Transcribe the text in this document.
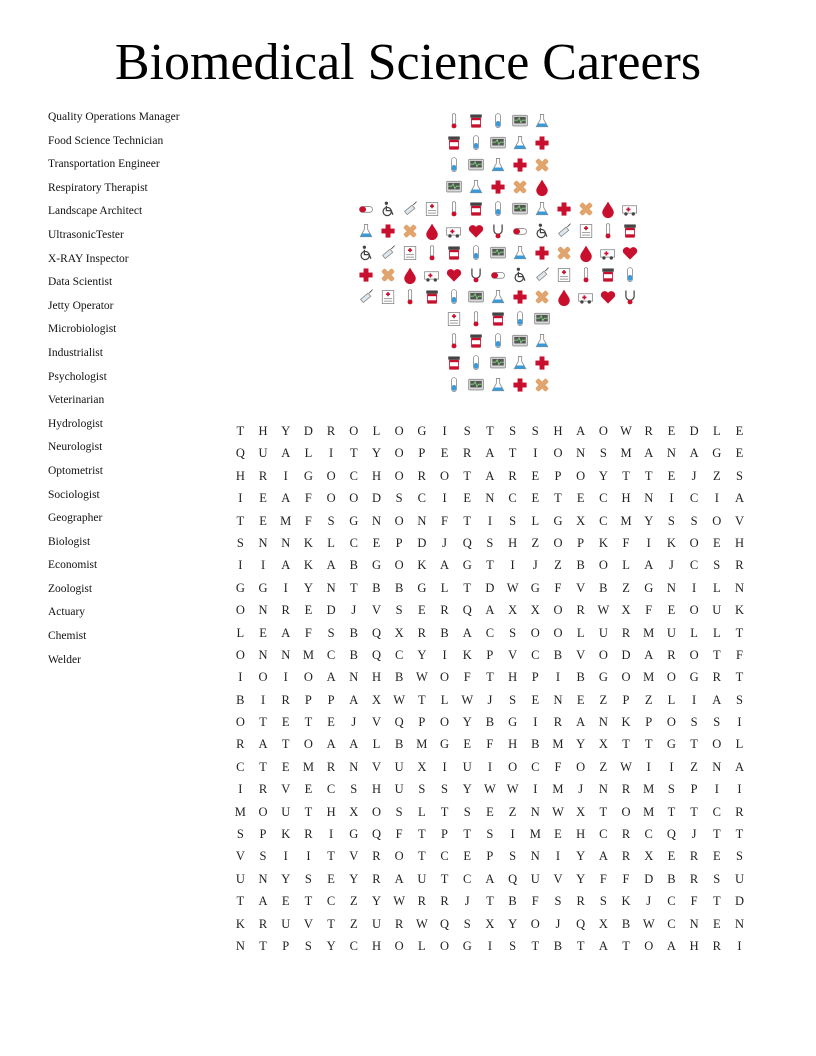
Biomedical Science Careers
Quality Operations Manager
Food Science Technician
Transportation Engineer
Respiratory Therapist
Landscape Architect
UltrasonicTester
X-RAY Inspector
Data Scientist
Jetty Operator
Microbiologist
Industrialist
Psychologist
Veterinarian
Hydrologist
Neurologist
Optometrist
Sociologist
Geographer
Biologist
Economist
Zoologist
Actuary
Chemist
Welder
T	H	Y	D	R	O	L	O	G	I	S	T	S	S	H	A	O W	R	E	D	L	E
Q	U	A	L	I	T	Y	O	P	E	R	A	T	I	O	N	S	M	A	N	A	G	E
H	R	I	G	O	C	H	O	R	O	T	A	R	E	P	O	Y	T	T	E	J	Z	S
I	E	A	F	O	O	D	S	C	I	E	N	C	E	T	E	C	H	N	I	C	I	A
T	E	M	F	S	G	N	O	N	F	T	I	S	L	G	X	C	M	Y	S	S	O	V
S	N	N	K	L	C	E	P	D	J	Q	S	H	Z	O	P	K	F	I	K	O	E	H
I	I	A	K	A	B	G	O	K	A	G	T	I	J	Z	B	O	L	A	J	C	S	R
G	G	I	Y	N	T	B	B	G	L	T	D W G	F	V	B	Z	G	N	I	L	N
O	N	R	E	D	J	V	S	E	R	Q	A	X	X	O	R	W X	F	E	O	U	K
L	E	A	F	S	B	Q	X	R	B	A	C	S	O	O	L	U	R	M	U	L	L	T
O	N	N	M	C	B	Q	C	Y	I	K	P	V	C	B	V	O	D	A	R	O	T	F
I	O	I	O	A	N	H	B	W O	F	T	H	P	I	B	G	O	M	O	G	R	T
B	I	R	P	P	A	X W	T	L	W	J	S	E	N	E	Z	P	Z	L	I	A	S
O	T	E	T	E	J	V	Q	P	O	Y	B	G	I	R	A	N	K	P	O	S	S	I
R	A	T	O	A	A	L	B	M	G	E	F	H	B	M	Y	X	T	T	G	T	O	L
C	T	E	M	R	N	V	U	X	I	U	I	O	C	F	O	Z	W	I	I	Z	N	A
I	R	V	E	C	S	H	U	S	S	Y W W	I	M	J	N	R	M	S	P	I	I
M	O	U	T	H	X	O	S	L	T	S	E	Z	N W X	T	O	M	T	T	C	R
S	P	K	R	I	G	Q	F	T	P	T	S	I	M	E	H	C	R	C	Q	J	T	T
V	S	I	I	T	V	R	O	T	C	E	P	S	N	I	Y	A	R	X	E	R	E	S
U	N	Y	S	E	Y	R	A	U	T	C	A	Q	U	V	Y	F	F	D	B	R	S	U
T	A	E	T	C	Z	Y W	R	R	J	T	B	F	S	R	S	K	J	C	F	T	D
K	R	U	V	T	Z	U	R	W Q	S	X	Y	O	J	Q	X	B	W	C	N	E	N
N	T	P	S	Y	C	H	O	L	O	G	I	S	T	B	T	A	T	O	A	H	R	I
